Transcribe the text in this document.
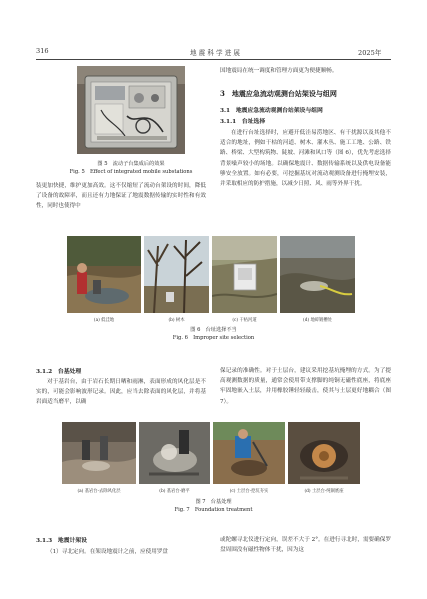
316	地 震 科 学 进 展	2025年
图 5　流动子台集成后的效果
Fig. 5　Effect of integrated mobile substations

装更加快捷，维护更加高效。这不仅缩短了流动台架设的时间，降低了设备的故障率，而且还有力地保证了地震数据传输的实时性和有效性，同时也使得中

国地震局在统一调度和管理方面更为便捷顺畅。

3　地震应急流动观测台站架设与组网
3.1　地震应急流动观测台站架设与组网
3.1.1　台址选择

在进行台址选择时，应避开低洼易涝地区、有干扰源以及其他不适合的地址，例如干枯的河道、树木、灌木丛、施工工地、公路、铁路、桥梁、大型构筑物、陡坡、河滩和风口等（图 6），优先考虑选择背景噪声较小的场地。以确保地震计、数据传输系统以及供电设备能够安全放置。如有必要，可挖掘基坑对流动观测设备进行掩埋安装，并采取相应的防护措施，以减少日照、风、雨等外界干扰。

(a) 低洼地	(b) 树木	(c) 干枯河道	(d) 地碎镀槽处
图 6　台址选择不当
Fig. 6　Improper site selection
3.1.2　台基处理

对于基岩台，由于岩石长期日晒和雨淋，表面形成的风化层是不实的，可能会影响波形记录。因此，应当去除表面的风化层，并将基岩面适当磨平，以确

保记录的准确性。对于土层台，建议采用挖基坑掩埋的方式。为了提高观测数据的质量，通常会使用带支撑脚的纯铜无磁性底座，将底座牢固地嵌入土层，并用橡胶锤轻轻敲击，使其与土层更好地耦合（图 7）。

(a) 基岩台-去除风化层	(b) 基岩台-磨平	(c) 土层台-挖坑夯实	(d) 土层台-纯铜底座
图 7　台基处理
Fig. 7　Foundation treatment
3.1.3　地震计架设

（1）寻北定向。在架设地震计之前，应使用罗盘

或陀螺寻北仪进行定向，误差不大于 2°。在进行寻北时，需要确保罗盘周围没有磁性物体干扰，因为这
